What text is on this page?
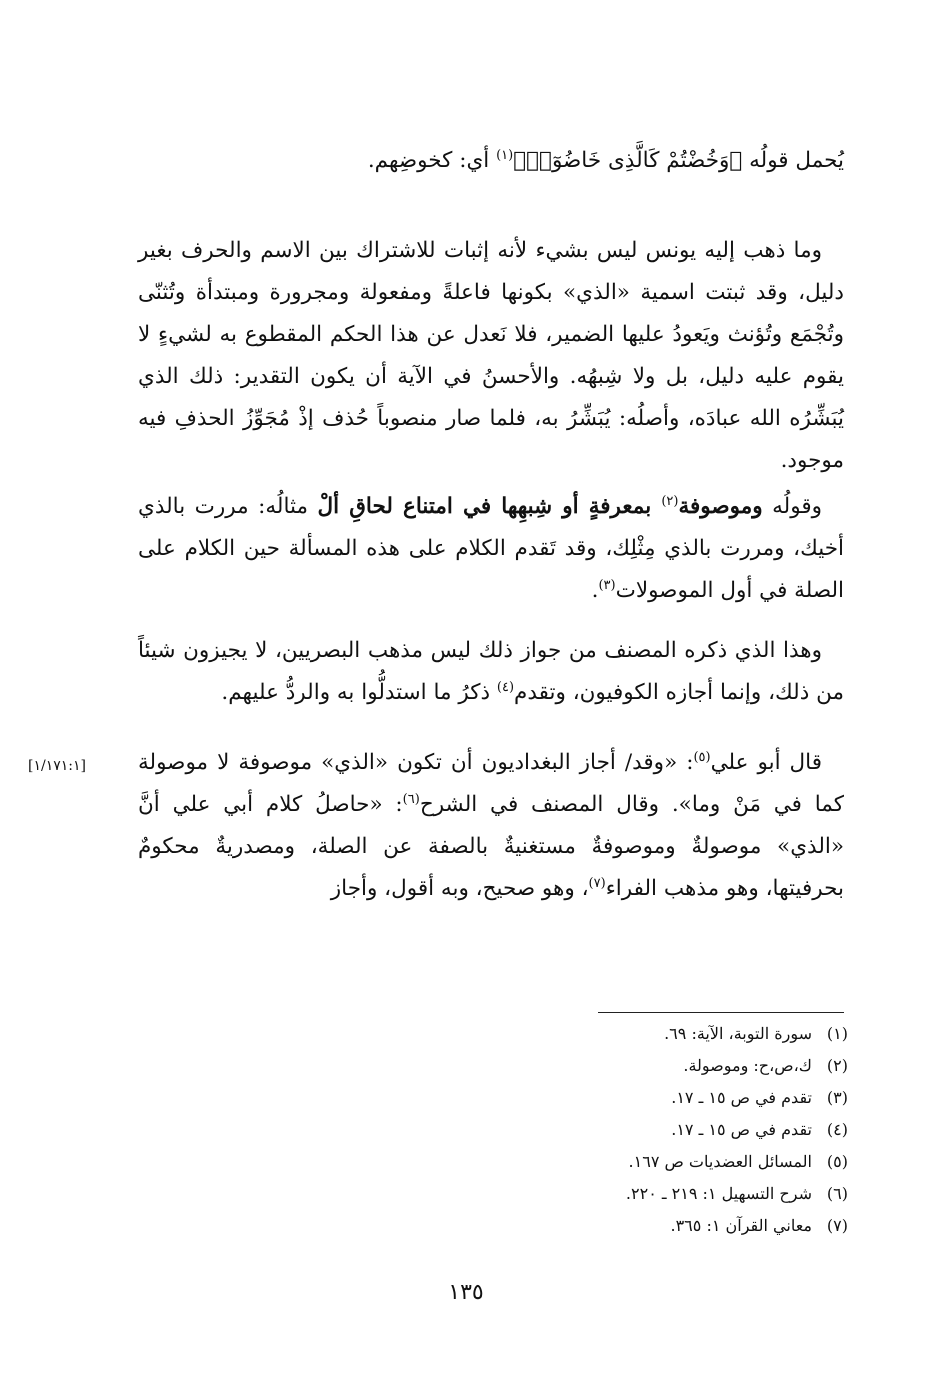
يُحمل قولُه ﴿وَخُضْتُمْ كَالَّذِى خَاضُوٓا۟﴾$^{(١)}$ أي: كخوضِهم.

وما ذهب إليه يونس ليس بشيء لأنه إثبات للاشتراك بين الاسم والحرف بغير دليل، وقد ثبتت اسمية «الذي» بكونها فاعلةً ومفعولة ومجرورة ومبتدأة وتُثنّى وتُجْمَع وتُؤنث ويَعودُ عليها الضمير، فلا نَعدل عن هذا الحكم المقطوع به لشيءٍ لا يقوم عليه دليل، بل ولا شِبهُه. والأحسنُ في الآية أن يكون التقدير: ذلك الذي يُبَشِّرُه الله عبادَه، وأصلُه: يُبَشِّرُ به، فلما صار منصوباً حُذف إذْ مُجَوِّزُ الحذفِ فيه موجود.

وقولُه وموصوفة$^{(٢)}$ بمعرفةٍ أو شِبهِها في امتناع لحاقِ ألْ مثالُه: مررت بالذي أخيك، ومررت بالذي مِثْلِك، وقد تَقدم الكلام على هذه المسألة حين الكلام على الصلة في أول الموصولات$^{(٣)}$.

وهذا الذي ذكره المصنف من جواز ذلك ليس مذهب البصريين، لا يجيزون شيئاً من ذلك، وإنما أجازه الكوفيون، وتقدم$^{(٤)}$ ذكرُ ما استدلُّوا به والردُّ عليهم.

قال أبو علي$^{(٥)}$: «وقد/ أجاز البغداديون أن تكون «الذي» موصوفة لا موصولة كما في مَنْ وما». وقال المصنف في الشرح$^{(٦)}$: «حاصلُ كلام أبي علي أنَّ «الذي» موصولةٌ وموصوفةٌ مستغنيةٌ بالصفة عن الصلة، ومصدريةٌ محكومٌ بحرفيتها، وهو مذهب الفراء$^{(٧)}$، وهو صحيح، وبه أقول، وأجاز

[١/١٧١:١]
(١)
سورة التوبة، الآية: ٦٩.
(٢)
ك،ص،ح: وموصولة.
(٣)
تقدم في ص ١٥ ـ ١٧.
(٤)
تقدم في ص ١٥ ـ ١٧.
(٥)
المسائل العضديات ص ١٦٧.
(٦)
شرح التسهيل ١: ٢١٩ ـ ٢٢٠.
(٧)
معاني القرآن ١: ٣٦٥.
١٣٥
